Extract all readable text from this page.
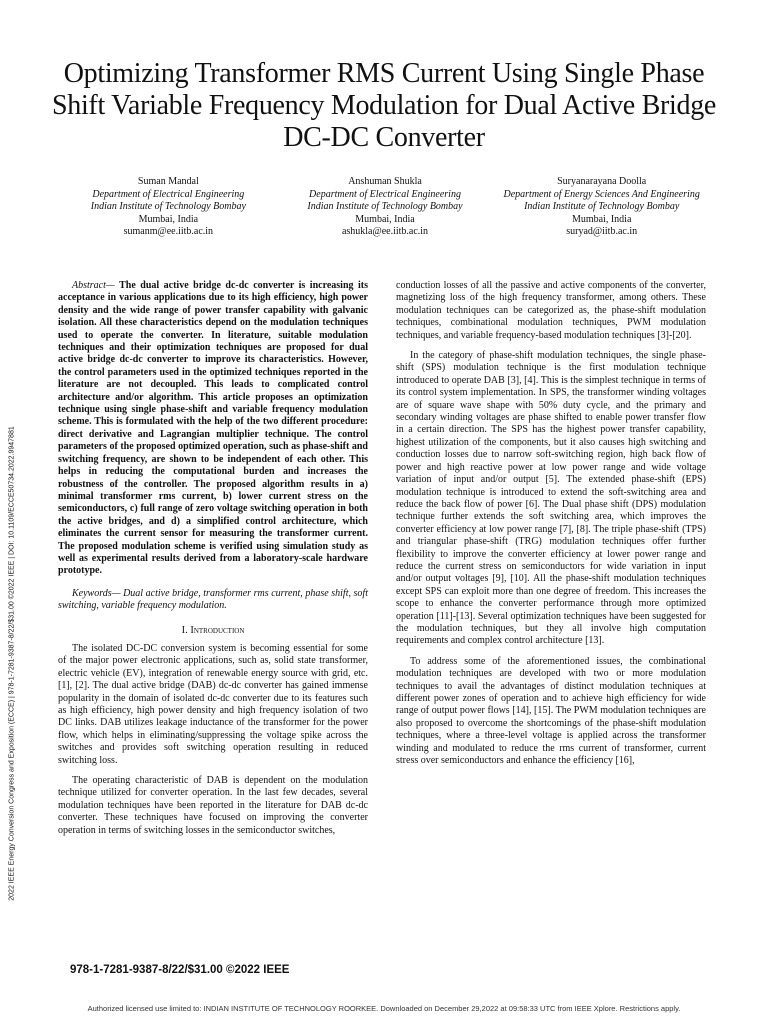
Optimizing Transformer RMS Current Using Single Phase Shift Variable Frequency Modulation for Dual Active Bridge DC-DC Converter
Suman Mandal
Department of Electrical Engineering
Indian Institute of Technology Bombay
Mumbai, India
sumanm@ee.iitb.ac.in
Anshuman Shukla
Department of Electrical Engineering
Indian Institute of Technology Bombay
Mumbai, India
ashukla@ee.iitb.ac.in
Suryanarayana Doolla
Department of Energy Sciences And Engineering
Indian Institute of Technology Bombay
Mumbai, India
suryad@iitb.ac.in
2022 IEEE Energy Conversion Congress and Exposition (ECCE) | 978-1-7281-9387-8/22/$31.00 ©2022 IEEE | DOI: 10.1109/ECCE50734.2022.9947881

Abstract— The dual active bridge dc-dc converter is increasing its acceptance in various applications due to its high efficiency, high power density and the wide range of power transfer capability with galvanic isolation. All these characteristics depend on the modulation techniques used to operate the converter. In literature, suitable modulation techniques and their optimization techniques are proposed for dual active bridge dc-dc converter to improve its characteristics. However, the control parameters used in the optimized techniques reported in the literature are not decoupled. This leads to complicated control architecture and/or algorithm. This article proposes an optimization technique using single phase-shift and variable frequency modulation scheme. This is formulated with the help of the two different procedure: direct derivative and Lagrangian multiplier technique. The control parameters of the proposed optimized operation, such as phase-shift and switching frequency, are shown to be independent of each other. This helps in reducing the computational burden and increases the robustness of the controller. The proposed algorithm results in a) minimal transformer rms current, b) lower current stress on the semiconductors, c) full range of zero voltage switching operation in both the active bridges, and d) a simplified control architecture, which eliminates the current sensor for measuring the transformer current. The proposed modulation scheme is verified using simulation study as well as experimental results derived from a laboratory-scale hardware prototype.

Keywords— Dual active bridge, transformer rms current, phase shift, soft switching, variable frequency modulation.

I. Introduction

The isolated DC-DC conversion system is becoming essential for some of the major power electronic applications, such as, solid state transformer, electric vehicle (EV), integration of renewable energy source with grid, etc. [1], [2]. The dual active bridge (DAB) dc-dc converter has gained immense popularity in the domain of isolated dc-dc converter due to its features such as high efficiency, high power density and high frequency isolation of two DC links. DAB utilizes leakage inductance of the transformer for the power flow, which helps in eliminating/suppressing the voltage spike across the switches and provides soft switching operation resulting in reduced switching loss.

The operating characteristic of DAB is dependent on the modulation technique utilized for converter operation. In the last few decades, several modulation techniques have been reported in the literature for DAB dc-dc converter. These techniques have focused on improving the converter operation in terms of switching losses in the semiconductor switches,

conduction losses of all the passive and active components of the converter, magnetizing loss of the high frequency transformer, among others. These modulation techniques can be categorized as, the phase-shift modulation techniques, combinational modulation techniques, PWM modulation techniques, and variable frequency-based modulation techniques [3]-[20].

In the category of phase-shift modulation techniques, the single phase-shift (SPS) modulation technique is the first modulation technique introduced to operate DAB [3], [4]. This is the simplest technique in terms of its control system implementation. In SPS, the transformer winding voltages are of square wave shape with 50% duty cycle, and the primary and secondary winding voltages are phase shifted to enable power transfer flow in a certain direction. The SPS has the highest power transfer capability, highest utilization of the components, but it also causes high switching and conduction losses due to narrow soft-switching region, high back flow of power and high reactive power at low power range and wide voltage variation of input and/or output [5]. The extended phase-shift (EPS) modulation technique is introduced to extend the soft-switching area and reduce the back flow of power [6]. The Dual phase shift (DPS) modulation technique further extends the soft switching area, which improves the converter efficiency at low power range [7], [8]. The triple phase-shift (TPS) and triangular phase-shift (TRG) modulation techniques offer further flexibility to improve the converter efficiency at lower power range and reduce the current stress on semiconductors for wide variation in input and/or output voltages [9], [10]. All the phase-shift modulation techniques except SPS can exploit more than one degree of freedom. This increases the scope to enhance the converter performance through more optimized operation [11]-[13]. Several optimization techniques have been suggested for the modulation techniques, but they all involve high computation requirements and complex control architecture [13].

To address some of the aforementioned issues, the combinational modulation techniques are developed with two or more modulation techniques to avail the advantages of distinct modulation techniques at different power zones of operation and to achieve high efficiency for wide range of output power flows [14], [15]. The PWM modulation techniques are also proposed to overcome the shortcomings of the phase-shift modulation techniques, where a three-level voltage is applied across the transformer winding and modulated to reduce the rms current of transformer, current stress over semiconductors and enhance the efficiency [16],

978-1-7281-9387-8/22/$31.00 ©2022 IEEE
Authorized licensed use limited to: INDIAN INSTITUTE OF TECHNOLOGY ROORKEE. Downloaded on December 29,2022 at 09:58:33 UTC from IEEE Xplore. Restrictions apply.
